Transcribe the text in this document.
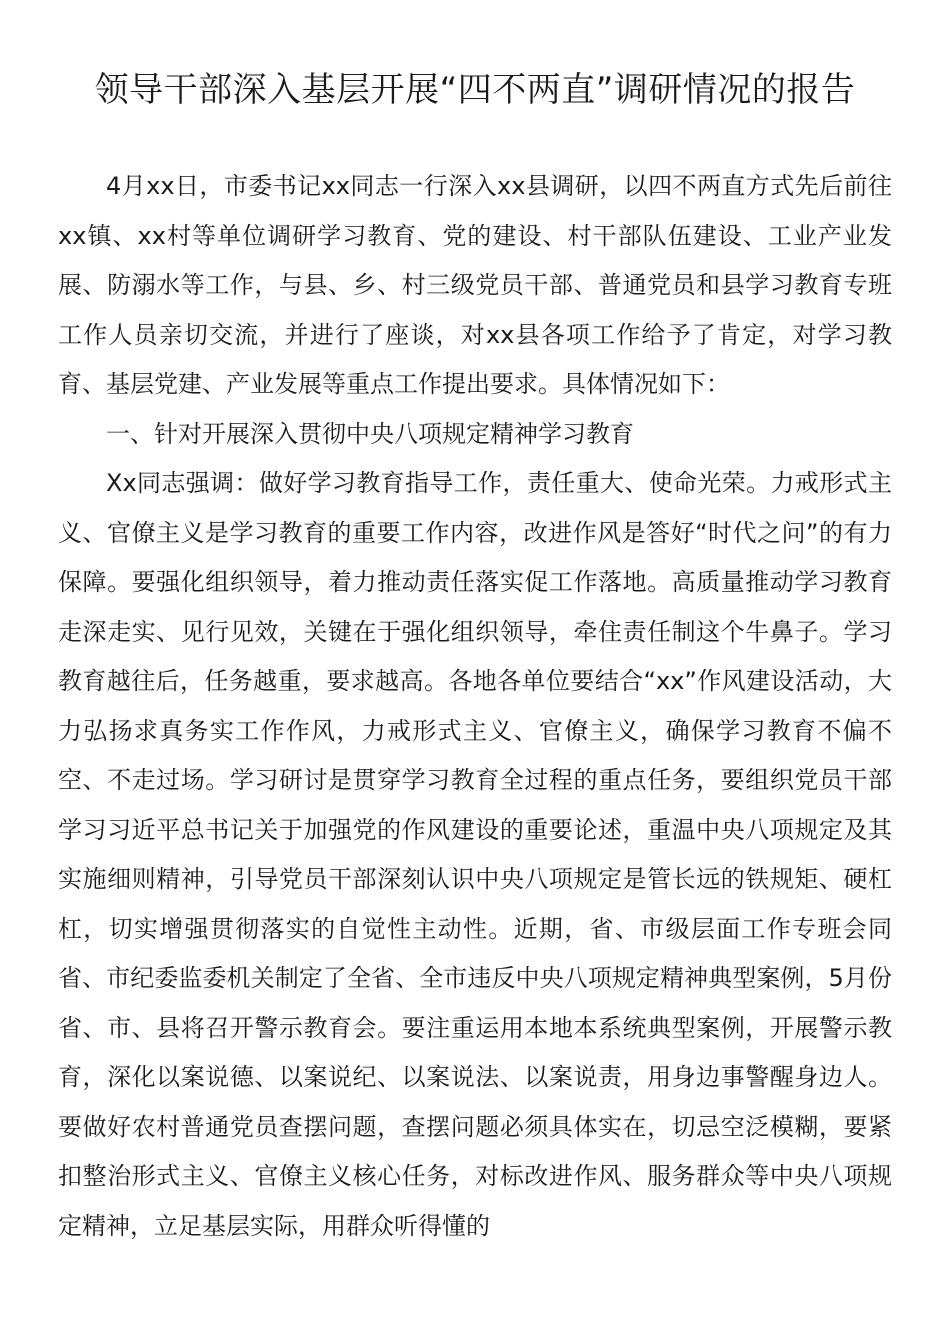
领导干部深入基层开展“四不两直”调研情况的报告

4月xx日，市委书记xx同志一行深入xx县调研，以四不两直方式先后前往xx镇、xx村等单位调研学习教育、党的建设、村干部队伍建设、工业产业发展、防溺水等工作，与县、乡、村三级党员干部、普通党员和县学习教育专班工作人员亲切交流，并进行了座谈，对xx县各项工作给予了肯定，对学习教育、基层党建、产业发展等重点工作提出要求。具体情况如下：

一、针对开展深入贯彻中央八项规定精神学习教育

Xx同志强调：做好学习教育指导工作，责任重大、使命光荣。力戒形式主义、官僚主义是学习教育的重要工作内容，改进作风是答好“时代之问”的有力保障。要强化组织领导，着力推动责任落实促工作落地。高质量推动学习教育走深走实、见行见效，关键在于强化组织领导，牵住责任制这个牛鼻子。学习教育越往后，任务越重，要求越高。各地各单位要结合“xx”作风建设活动，大力弘扬求真务实工作作风，力戒形式主义、官僚主义，确保学习教育不偏不空、不走过场。学习研讨是贯穿学习教育全过程的重点任务，要组织党员干部学习习近平总书记关于加强党的作风建设的重要论述，重温中央八项规定及其实施细则精神，引导党员干部深刻认识中央八项规定是管长远的铁规矩、硬杠杠，切实增强贯彻落实的自觉性主动性。近期，省、市级层面工作专班会同省、市纪委监委机关制定了全省、全市违反中央八项规定精神典型案例，5月份省、市、县将召开警示教育会。要注重运用本地本系统典型案例，开展警示教育，深化以案说德、以案说纪、以案说法、以案说责，用身边事警醒身边人。要做好农村普通党员查摆问题，查摆问题必须具体实在，切忌空泛模糊，要紧扣整治形式主义、官僚主义核心任务，对标改进作风、服务群众等中央八项规定精神，立足基层实际，用群众听得懂的
